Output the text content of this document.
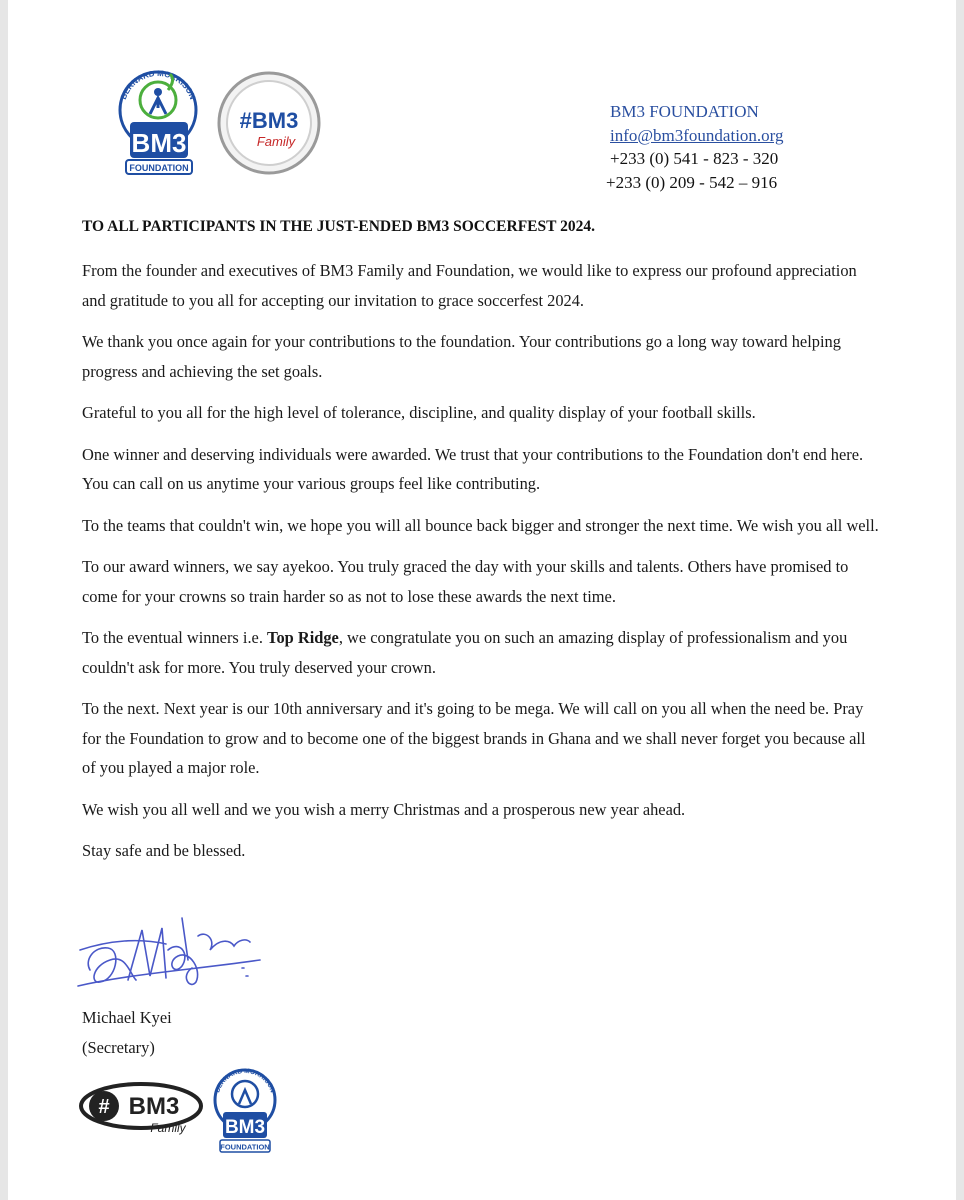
BERNARD MORRISON
BM3
FOUNDATION
#BM3
Family
BM3 FOUNDATION
info@bm3foundation.org
+233 (0) 541 - 823 - 320
+233 (0) 209 - 542 – 916
TO ALL PARTICIPANTS IN THE JUST-ENDED BM3 SOCCERFEST 2024.

From the founder and executives of BM3 Family and Foundation, we would like to express our profound appreciation and gratitude to you all for accepting our invitation to grace soccerfest 2024.

We thank you once again for your contributions to the foundation. Your contributions go a long way toward helping progress and achieving the set goals.

Grateful to you all for the high level of tolerance, discipline, and quality display of your football skills.

One winner and deserving individuals were awarded. We trust that your contributions to the Foundation don't end here. You can call on us anytime your various groups feel like contributing.

To the teams that couldn't win, we hope you will all bounce back bigger and stronger the next time. We wish you all well.

To our award winners, we say ayekoo. You truly graced the day with your skills and talents. Others have promised to come for your crowns so train harder so as not to lose these awards the next time.

To the eventual winners i.e. Top Ridge, we congratulate you on such an amazing display of professionalism and you couldn't ask for more. You truly deserved your crown.

To the next. Next year is our 10th anniversary and it's going to be mega. We will call on you all when the need be. Pray for the Foundation to grow and to become one of the biggest brands in Ghana and we shall never forget you because all of you played a major role.

We wish you all well and we you wish a merry Christmas and a prosperous new year ahead.

Stay safe and be blessed.

Michael Kyei
(Secretary)
# BM3
Family
BERNARD MORRISON
BM3
FOUNDATION
